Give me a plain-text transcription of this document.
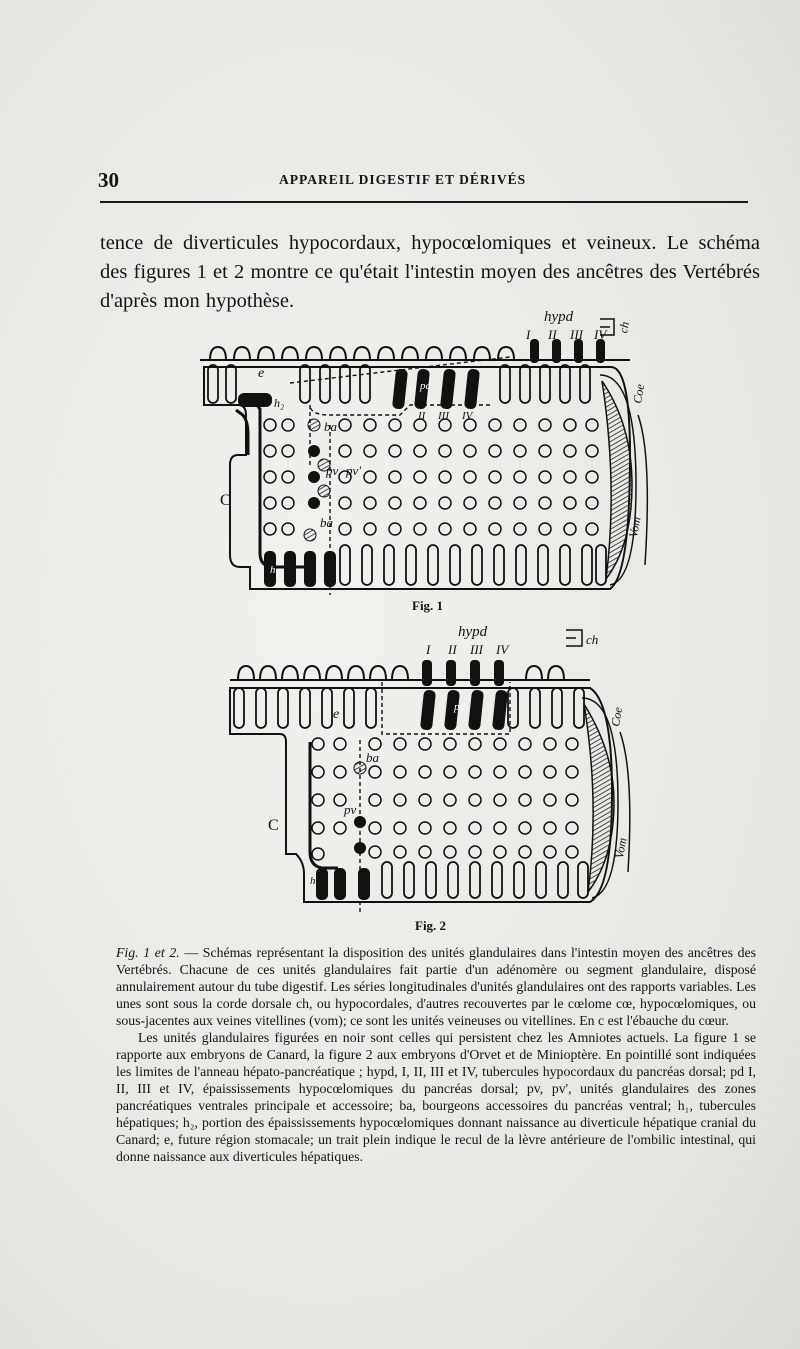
30	APPAREIL DIGESTIF ET DÉRIVÉS
tence de diverticules hypocordaux, hypocœlomiques et veineux. Le schéma des figures 1 et 2 montre ce qu'était l'intestin moyen des ancêtres des Vertébrés d'après mon hypothèse.
hypd
I II III IV ch
Coe
Vom
e
h₂
ba
pd
pv pv'
ba
C
h₁
II III IV
Fig. 1
hypd
I II III IV
ch
Coe
Vom
e
ba
pd
pv
C
h₁
Fig. 2

Fig. 1 et 2. — Schémas représentant la disposition des unités glandulaires dans l'intestin moyen des ancêtres des Vertébrés. Chacune de ces unités glandulaires fait partie d'un adénomère ou segment glandulaire, disposé annulairement autour du tube digestif. Les séries longitudinales d'unités glandulaires ont des rapports variables. Les unes sont sous la corde dorsale ch, ou hypocordales, d'autres recouvertes par le cœlome cœ, hypocœlomiques, ou sous-jacentes aux veines vitellines (vom); ce sont les unités veineuses ou vitellines. En c est l'ébauche du cœur.

Les unités glandulaires figurées en noir sont celles qui persistent chez les Amniotes actuels. La figure 1 se rapporte aux embryons de Canard, la figure 2 aux embryons d'Orvet et de Minioptère. En pointillé sont indiquées les limites de l'anneau hépato-pancréatique ; hypd, I, II, III et IV, tubercules hypocordaux du pancréas dorsal; pd I, II, III et IV, épaississements hypocœlomiques du pancréas dorsal; pv, pv', unités glandulaires des zones pancréatiques ventrales principale et accessoire; ba, bourgeons accessoires du pancréas ventral; h₁, tubercules hépatiques; h₂, portion des épaississements hypocœlomiques donnant naissance au diverticule hépatique cranial du Canard; e, future région stomacale; un trait plein indique le recul de la lèvre antérieure de l'ombilic intestinal, qui donne naissance aux diverticules hépatiques.
